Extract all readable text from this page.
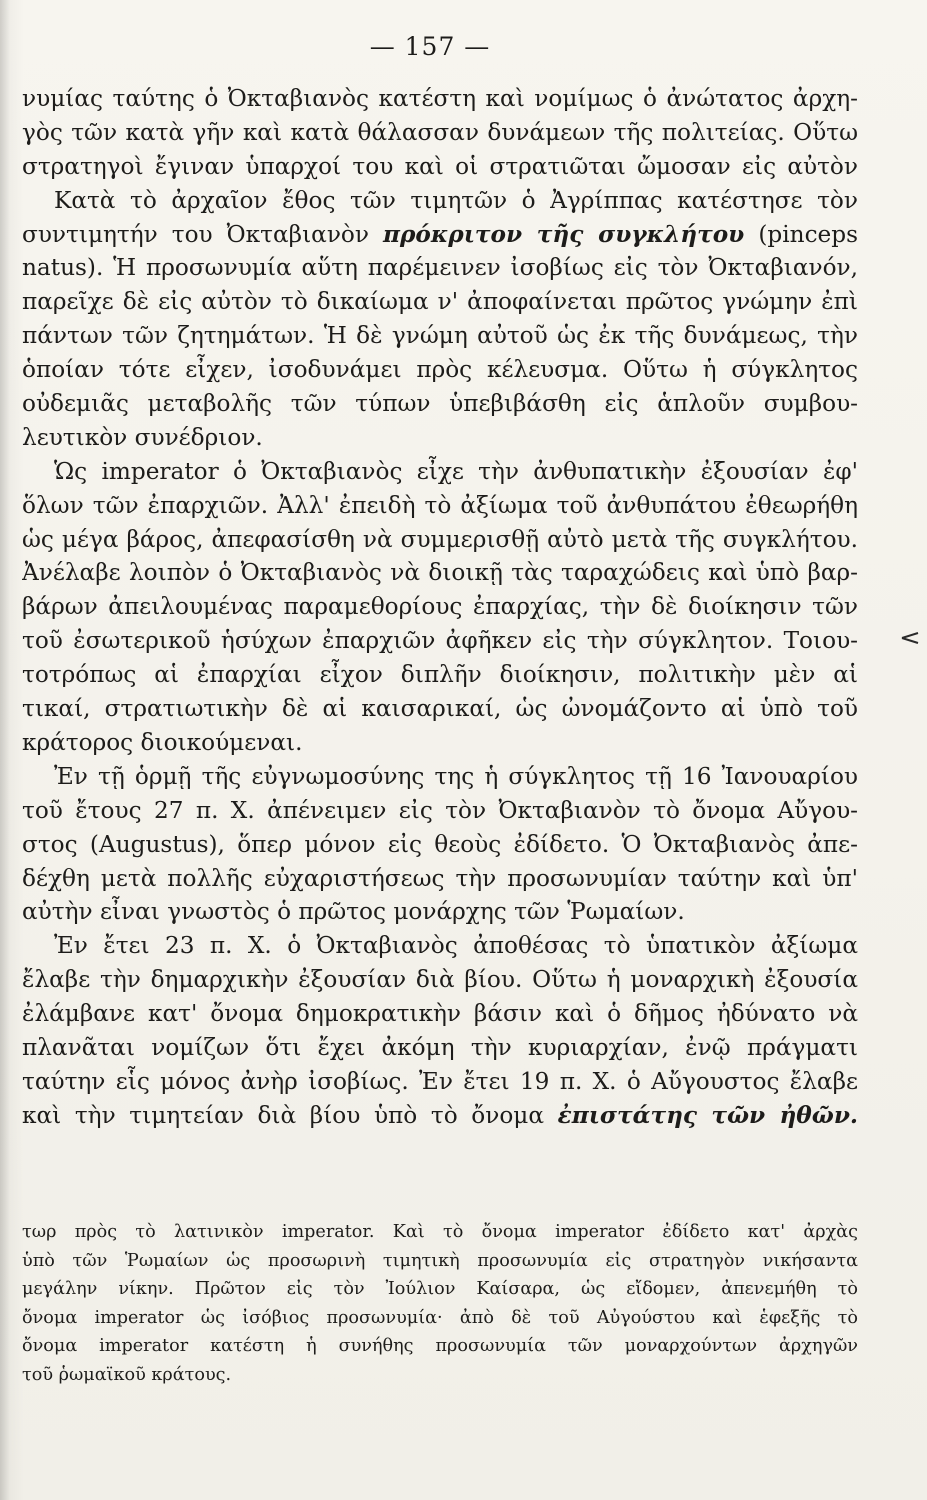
— 157 —
νυμίας ταύτης ὁ Ὀκταβιανὸς κατέστη καὶ νομίμως ὁ ἀνώτατος ἀρχη-
γὸς τῶν κατὰ γῆν καὶ κατὰ θάλασσαν δυνάμεων τῆς πολιτείας. Οὕτω
στρατηγοὶ ἔγιναν ὑπαρχοί του καὶ οἱ στρατιῶται ὤμοσαν εἰς αὐτὸν
Κατὰ τὸ ἀρχαῖον ἔθος τῶν τιμητῶν ὁ Ἀγρίππας κατέστησε τὸν
συντιμητήν του Ὀκταβιανὸν πρόκριτον τῆς συγκλήτου (pinceps
natus). Ἡ προσωνυμία αὕτη παρέμεινεν ἰσοβίως εἰς τὸν Ὀκταβιανόν,
παρεῖχε δὲ εἰς αὐτὸν τὸ δικαίωμα ν' ἀποφαίνεται πρῶτος γνώμην ἐπὶ
πάντων τῶν ζητημάτων. Ἡ δὲ γνώμη αὐτοῦ ὡς ἐκ τῆς δυνάμεως, τὴν
ὁποίαν τότε εἶχεν, ἰσοδυνάμει πρὸς κέλευσμα. Οὕτω ἡ σύγκλητος
οὐδεμιᾶς μεταβολῆς τῶν τύπων ὑπεβιβάσθη εἰς ἁπλοῦν συμβου-
λευτικὸν συνέδριον.
Ὡς imperator ὁ Ὀκταβιανὸς εἶχε τὴν ἀνθυπατικὴν ἐξουσίαν ἐφ'
ὅλων τῶν ἐπαρχιῶν. Ἀλλ' ἐπειδὴ τὸ ἀξίωμα τοῦ ἀνθυπάτου ἐθεωρήθη
ὡς μέγα βάρος, ἀπεφασίσθη νὰ συμμερισθῇ αὐτὸ μετὰ τῆς συγκλήτου.
Ἀνέλαβε λοιπὸν ὁ Ὀκταβιανὸς νὰ διοικῇ τὰς ταραχώδεις καὶ ὑπὸ βαρ-
βάρων ἀπειλουμένας παραμεθορίους ἐπαρχίας, τὴν δὲ διοίκησιν τῶν
τοῦ ἐσωτερικοῦ ἡσύχων ἐπαρχιῶν ἀφῆκεν εἰς τὴν σύγκλητον. Τοιου-
τοτρόπως αἱ ἐπαρχίαι εἶχον διπλῆν διοίκησιν, πολιτικὴν μὲν αἱ
τικαί, στρατιωτικὴν δὲ αἱ καισαρικαί, ὡς ὠνομάζοντο αἱ ὑπὸ τοῦ
κράτορος διοικούμεναι.
Ἐν τῇ ὁρμῇ τῆς εὐγνωμοσύνης της ἡ σύγκλητος τῇ 16 Ἰανουαρίου
τοῦ ἔτους 27 π. Χ. ἀπένειμεν εἰς τὸν Ὀκταβιανὸν τὸ ὄνομα Αὔγου-
στος (Augustus), ὅπερ μόνον εἰς θεοὺς ἐδίδετο. Ὁ Ὀκταβιανὸς ἀπε-
δέχθη μετὰ πολλῆς εὐχαριστήσεως τὴν προσωνυμίαν ταύτην καὶ ὑπ'
αὐτὴν εἶναι γνωστὸς ὁ πρῶτος μονάρχης τῶν Ῥωμαίων.
Ἐν ἔτει 23 π. Χ. ὁ Ὀκταβιανὸς ἀποθέσας τὸ ὑπατικὸν ἀξίωμα
ἔλαβε τὴν δημαρχικὴν ἐξουσίαν διὰ βίου. Οὕτω ἡ μοναρχικὴ ἐξουσία
ἐλάμβανε κατ' ὄνομα δημοκρατικὴν βάσιν καὶ ὁ δῆμος ἠδύνατο νὰ
πλανᾶται νομίζων ὅτι ἔχει ἀκόμη τὴν κυριαρχίαν, ἐνῷ πράγματι
ταύτην εἷς μόνος ἀνὴρ ἰσοβίως. Ἐν ἔτει 19 π. Χ. ὁ Αὔγουστος ἔλαβε
καὶ τὴν τιμητείαν διὰ βίου ὑπὸ τὸ ὄνομα ἐπιστάτης τῶν ἠθῶν.
τωρ πρὸς τὸ λατινικὸν imperator. Καὶ τὸ ὄνομα imperator ἐδίδετο κατ' ἀρχὰς
ὑπὸ τῶν Ῥωμαίων ὡς προσωρινὴ τιμητικὴ προσωνυμία εἰς στρατηγὸν νικήσαντα
μεγάλην νίκην. Πρῶτον εἰς τὸν Ἰούλιον Καίσαρα, ὡς εἴδομεν, ἀπενεμήθη τὸ
ὄνομα imperator ὡς ἰσόβιος προσωνυμία· ἀπὸ δὲ τοῦ Αὐγούστου καὶ ἑφεξῆς τὸ
ὄνομα imperator κατέστη ἡ συνήθης προσωνυμία τῶν μοναρχούντων ἀρχηγῶν
τοῦ ῥωμαϊκοῦ κράτους.
